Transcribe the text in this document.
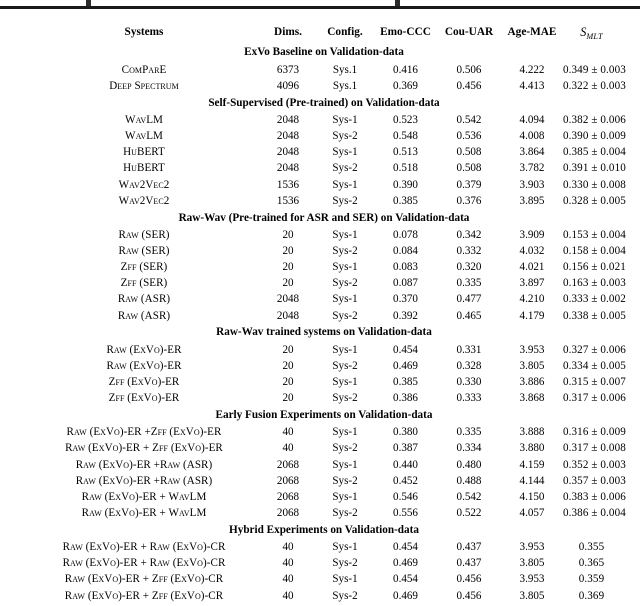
Systems	Dims.	Config.	Emo-CCC	Cou-UAR	Age-MAE	$S_{MLT}$

ExVo Baseline on Validation-data						

ComParE	6373	Sys.1	0.416	0.506	4.222	0.349 ± 0.003
Deep Spectrum	4096	Sys.1	0.369	0.456	4.413	0.322 ± 0.003

Self-Supervised (Pre-trained) on Validation-data						

WavLM	2048	Sys-1	0.523	0.542	4.094	0.382 ± 0.006
WavLM	2048	Sys-2	0.548	0.536	4.008	0.390 ± 0.009
HuBERT	2048	Sys-1	0.513	0.508	3.864	0.385 ± 0.004
HuBERT	2048	Sys-2	0.518	0.508	3.782	0.391 ± 0.010
Wav2Vec2	1536	Sys-1	0.390	0.379	3.903	0.330 ± 0.008
Wav2Vec2	1536	Sys-2	0.385	0.376	3.895	0.328 ± 0.005

Raw-Wav (Pre-trained for ASR and SER) on Validation-data						

Raw (SER)	20	Sys-1	0.078	0.342	3.909	0.153 ± 0.004
Raw (SER)	20	Sys-2	0.084	0.332	4.032	0.158 ± 0.004
Zff (SER)	20	Sys-1	0.083	0.320	4.021	0.156 ± 0.021
Zff (SER)	20	Sys-2	0.087	0.335	3.897	0.163 ± 0.003
Raw (ASR)	2048	Sys-1	0.370	0.477	4.210	0.333 ± 0.002
Raw (ASR)	2048	Sys-2	0.392	0.465	4.179	0.338 ± 0.005

Raw-Wav trained systems on Validation-data						

Raw (ExVo)-ER	20	Sys-1	0.454	0.331	3.953	0.327 ± 0.006
Raw (ExVo)-ER	20	Sys-2	0.469	0.328	3.805	0.334 ± 0.005
Zff (ExVo)-ER	20	Sys-1	0.385	0.330	3.886	0.315 ± 0.007
Zff (ExVo)-ER	20	Sys-2	0.386	0.333	3.868	0.317 ± 0.006

Early Fusion Experiments on Validation-data						

Raw (ExVo)-ER +Zff (ExVo)-ER	40	Sys-1	0.380	0.335	3.888	0.316 ± 0.009
Raw (ExVo)-ER + Zff (ExVo)-ER	40	Sys-2	0.387	0.334	3.880	0.317 ± 0.008
Raw (ExVo)-ER +Raw (ASR)	2068	Sys-1	0.440	0.480	4.159	0.352 ± 0.003
Raw (ExVo)-ER +Raw (ASR)	2068	Sys-2	0.452	0.488	4.144	0.357 ± 0.003
Raw (ExVo)-ER + WavLM	2068	Sys-1	0.546	0.542	4.150	0.383 ± 0.006
Raw (ExVo)-ER + WavLM	2068	Sys-2	0.556	0.522	4.057	0.386 ± 0.004

Hybrid Experiments on Validation-data						

Raw (ExVo)-ER + Raw (ExVo)-CR	40	Sys-1	0.454	0.437	3.953	0.355
Raw (ExVo)-ER + Raw (ExVo)-CR	40	Sys-2	0.469	0.437	3.805	0.365
Raw (ExVo)-ER + Zff (ExVo)-CR	40	Sys-1	0.454	0.456	3.953	0.359
Raw (ExVo)-ER + Zff (ExVo)-CR	40	Sys-2	0.469	0.456	3.805	0.369
